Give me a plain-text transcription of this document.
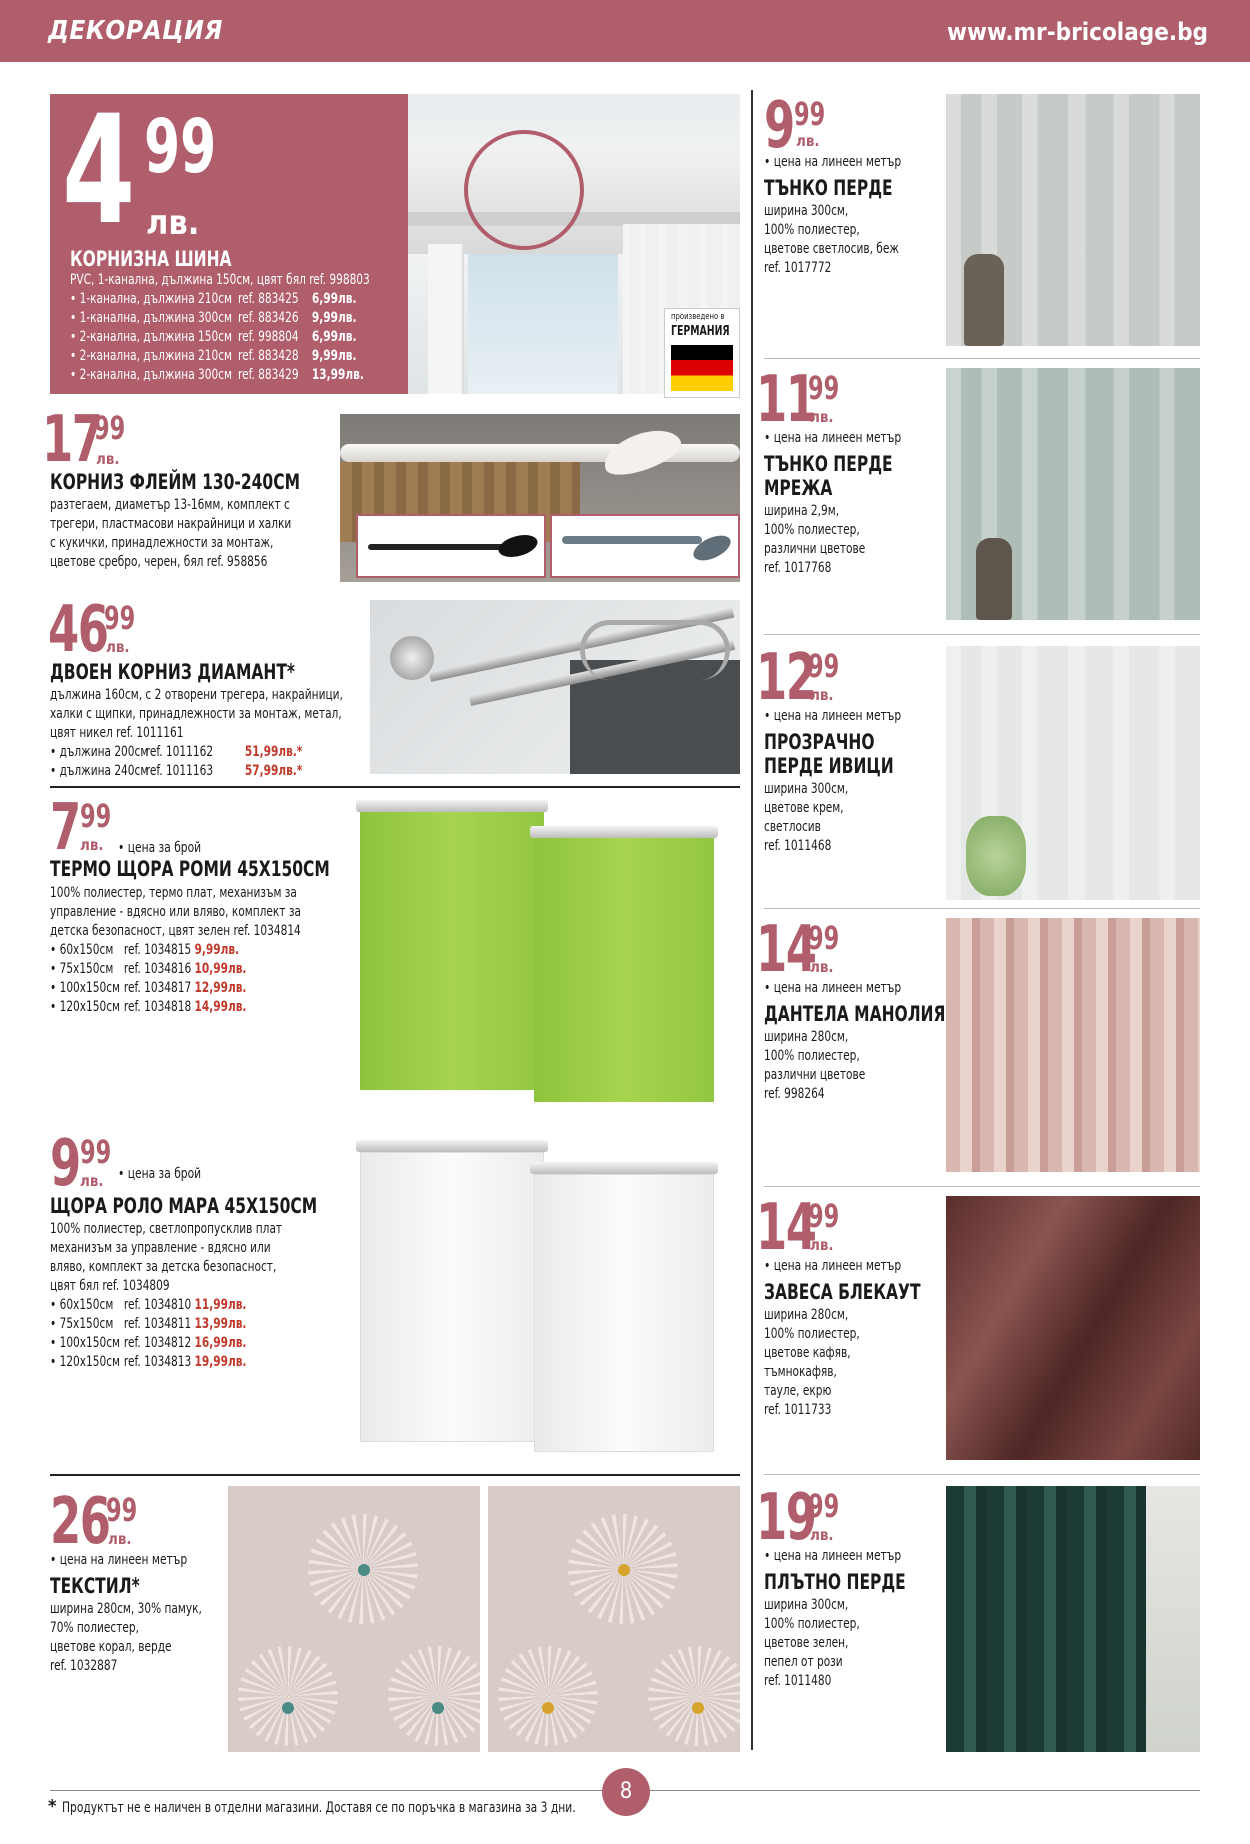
ДЕКОРАЦИЯ	www.mr-bricolage.bg
4 99
лв.
КОРНИЗНА ШИНА
PVC, 1-канална, дължина 150см, цвят бял ref. 998803
• 1-канална, дължина 210см ref. 883425 6,99лв.
• 1-канална, дължина 300см ref. 883426 9,99лв.
• 2-канална, дължина 150см ref. 998804 6,99лв.
• 2-канална, дължина 210см ref. 883428 9,99лв.
• 2-канална, дължина 300см ref. 883429 13,99лв.
произведено в
ГЕРМАНИЯ
17
99
лв.
КОРНИЗ ФЛЕЙМ 130-240СМ
разтегаем, диаметър 13-16мм, комплект с
трегери, пластмасови накрайници и халки
с кукички, принадлежности за монтаж,
цветове сребро, черен, бял ref. 958856
46
99
лв.
ДВОЕН КОРНИЗ ДИАМАНТ*
дължина 160см, с 2 отворени трегера, накрайници,
халки с щипки, принадлежности за монтаж, метал,
цвят никел ref. 1011161
• дължина 200см
ref. 1011162	51,99лв.*
• дължина 240см
ref. 1011163	57,99лв.*
7 99
лв. • цена за брой
ТЕРМО ЩОРА РОМИ 45Х150СМ
100% полиестер, термо плат, механизъм за
управление - вдясно или вляво, комплект за
детска безопасност, цвят зелен ref. 1034814
• 60х150см ref. 1034815 9,99лв.
• 75х150см ref. 1034816 10,99лв.
• 100х150см ref. 1034817 12,99лв.
• 120х150см ref. 1034818 14,99лв.
9 99
лв. • цена за брой
ЩОРА РОЛО МАРА 45Х150СМ
100% полиестер, светлопропусклив плат
механизъм за управление - вдясно или
вляво, комплект за детска безопасност,
цвят бял ref. 1034809
• 60х150см ref. 1034810 11,99лв.
• 75х150см ref. 1034811 13,99лв.
• 100х150см ref. 1034812 16,99лв.
• 120х150см ref. 1034813 19,99лв.
26
99
лв.
• цена на линеен метър
ТЕКСТИЛ*
ширина 280см, 30% памук,
70% полиестер,
цветове корал, верде
ref. 1032887
9 99
лв.
• цена на линеен метър
ТЪНКО ПЕРДЕ
ширина 300см,
100% полиестер,
цветове светлосив, беж
ref. 1017772
11
99
лв.
• цена на линеен метър
ТЪНКО ПЕРДЕ
МРЕЖА
ширина 2,9м,
100% полиестер,
различни цветове
ref. 1017768
12
99
лв.
• цена на линеен метър
ПРОЗРАЧНО
ПЕРДЕ ИВИЦИ
ширина 300см,
цветове крем,
светлосив
ref. 1011468
14
99
лв.
• цена на линеен метър
ДАНТЕЛА МАНОЛИЯ
ширина 280см,
100% полиестер,
различни цветове
ref. 998264
14
99
лв.
• цена на линеен метър
ЗАВЕСА БЛЕКАУТ
ширина 280см,
100% полиестер,
цветове кафяв,
тъмнокафяв,
тауле, екрю
ref. 1011733
19
99
лв.
• цена на линеен метър
ПЛЪТНО ПЕРДЕ
ширина 300см,
100% полиестер,
цветове зелен,
пепел от рози
ref. 1011480
* Продуктът не е наличен в отделни магазини. Доставя се по поръчка в магазина за 3 дни.
8
